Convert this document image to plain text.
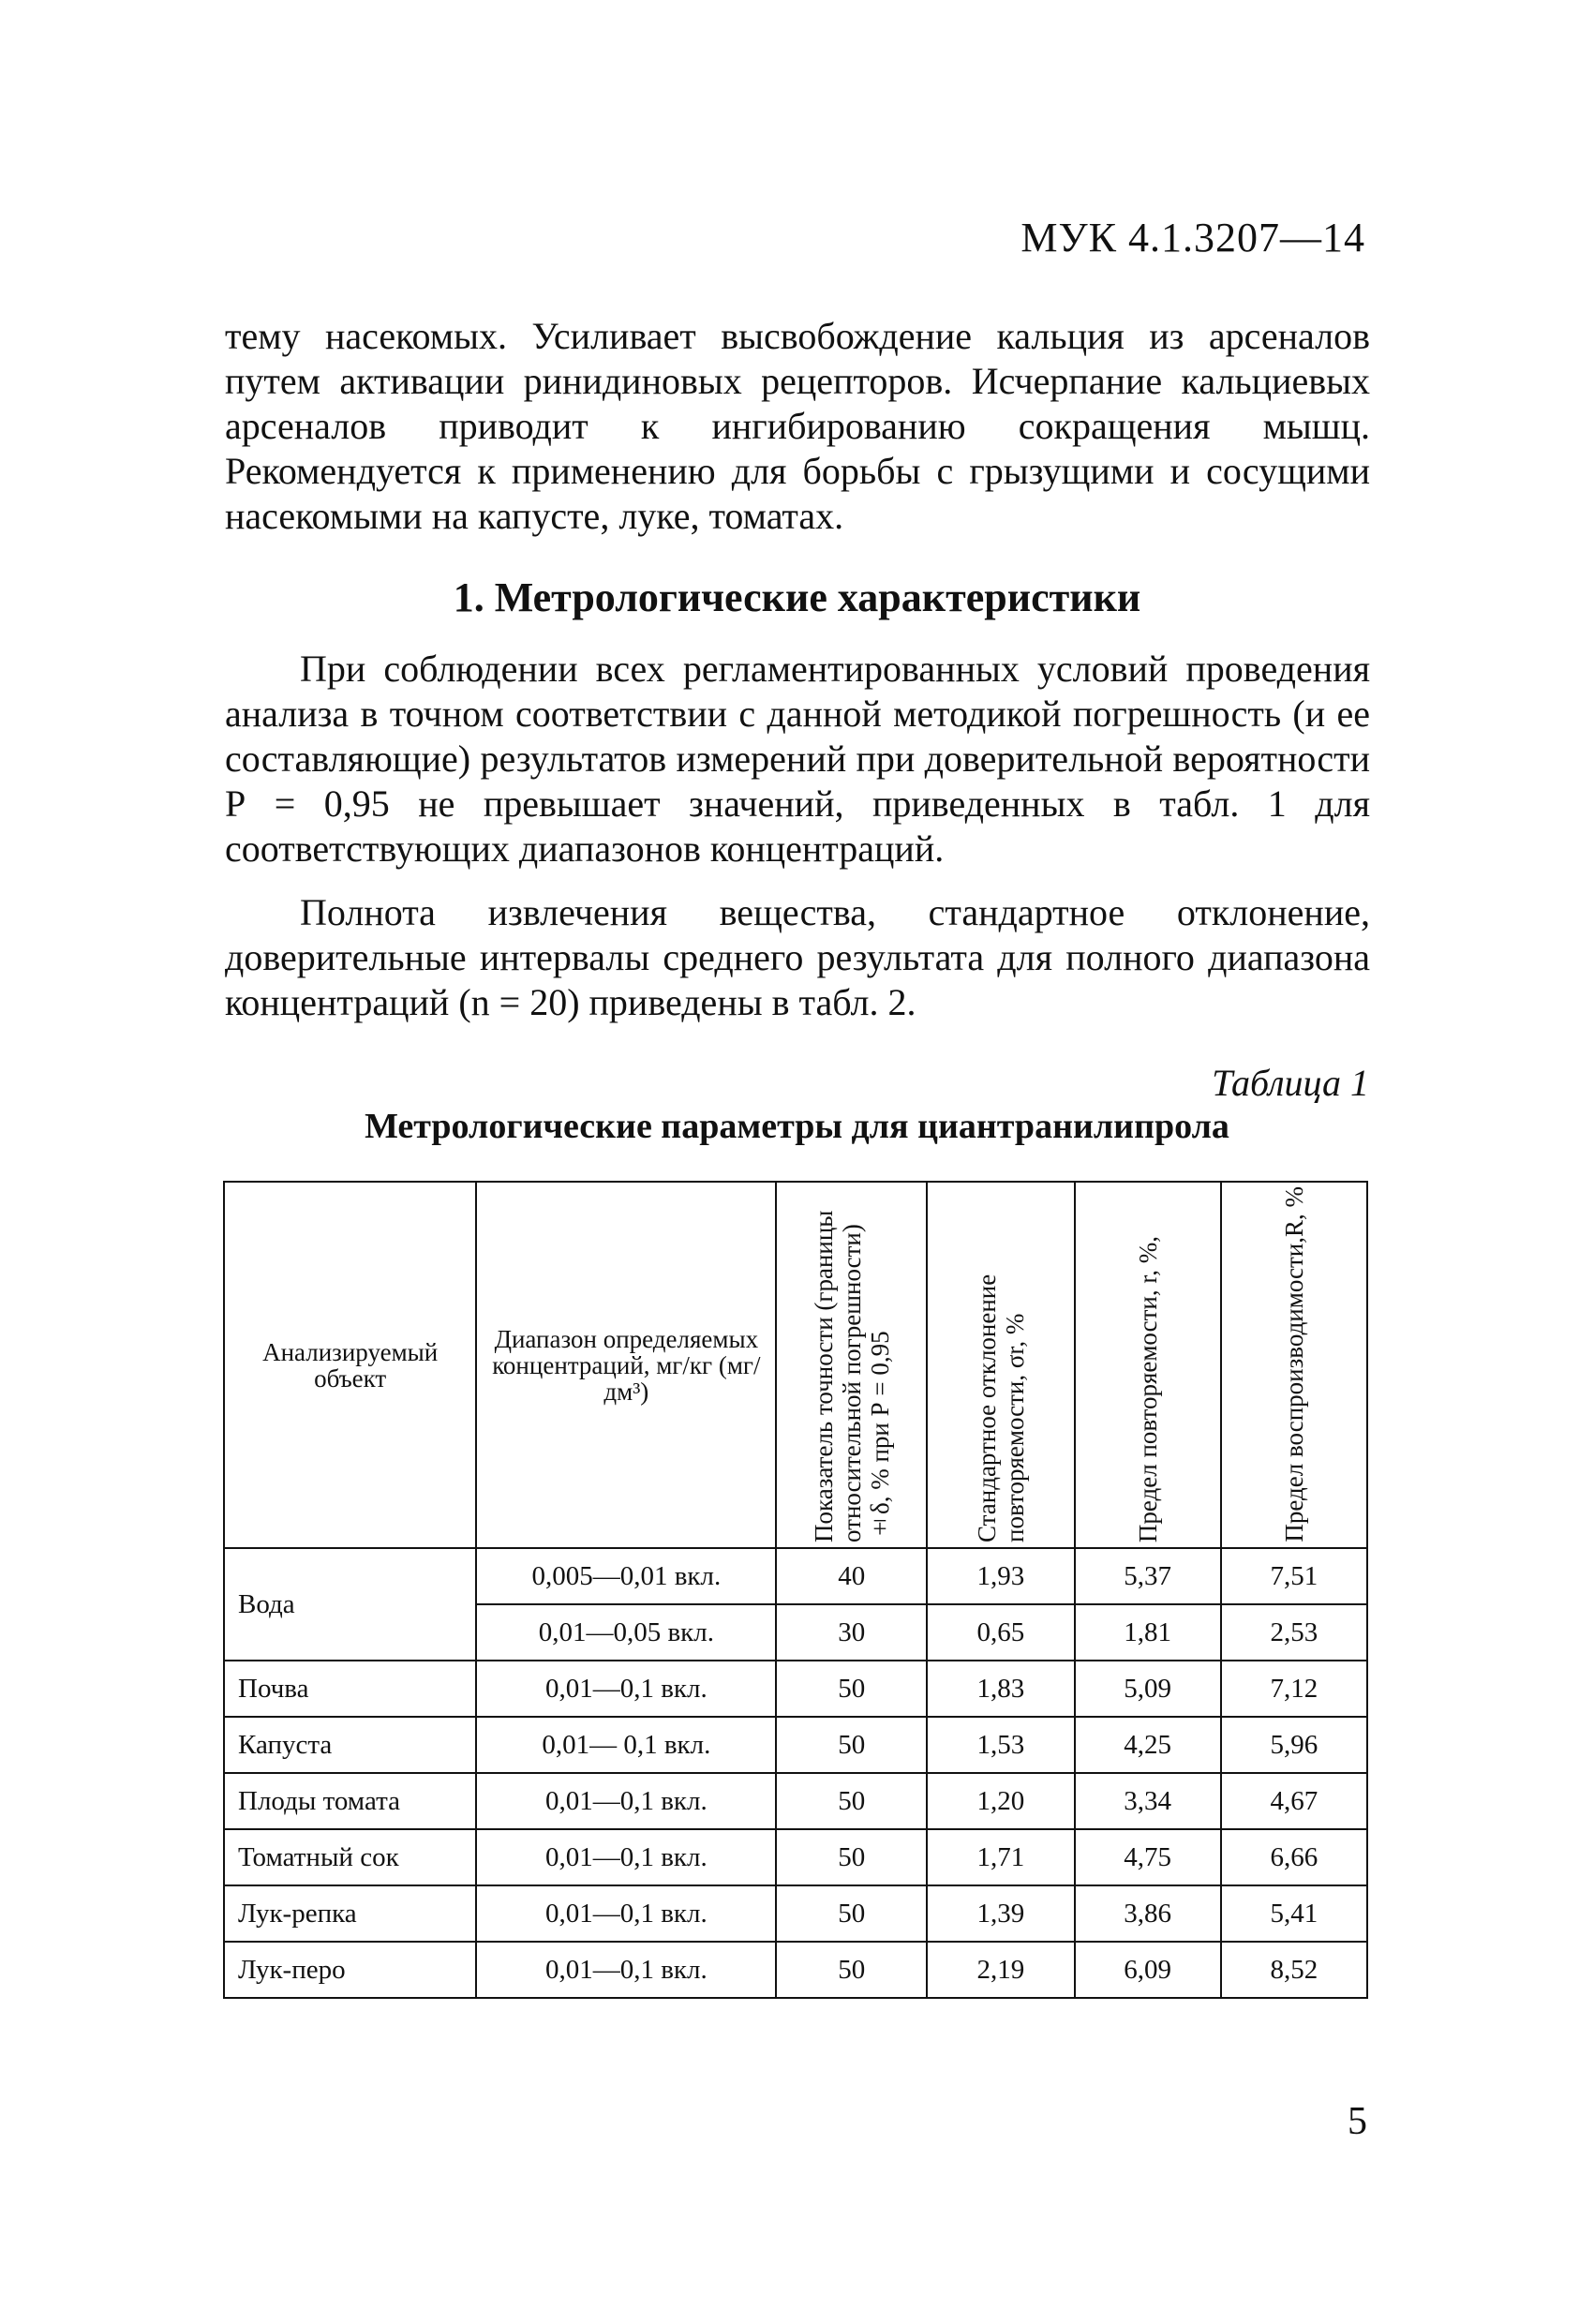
МУК 4.1.3207—14

тему насекомых. Усиливает высвобождение кальция из арсеналов путем активации ринидиновых рецепторов. Исчерпание кальциевых арсеналов приводит к ингибированию сокращения мышц. Рекомендуется к применению для борьбы с грызущими и сосущими насекомыми на капусте, луке, томатах.

1. Метрологические характеристики

При соблюдении всех регламентированных условий проведения анализа в точном соответствии с данной методикой погрешность (и ее составляющие) результатов измерений при доверительной вероятности Р = 0,95 не превышает значений, приведенных в табл. 1 для соответствующих диапазонов концентраций.

Полнота извлечения вещества, стандартное отклонение, доверительные интервалы среднего результата для полного диапазона концентраций (n = 20) приведены в табл. 2.

Таблица 1
Метрологические параметры для циантранилипрола
Анализируемый объект	Диапазон определяемых концентраций, мг/кг (мг/дм³)	Показатель точности (границы относительной погрешности) ±δ, % при Р = 0,95	Стандартное отклонение повторяемости, σr, %	Предел повторяемости, r, %,	Предел воспроизводимости,R, %
Вода	0,005—0,01 вкл.	40	1,93	5,37	7,51
	0,01—0,05 вкл.	30	0,65	1,81	2,53
Почва	0,01—0,1 вкл.	50	1,83	5,09	7,12
Капуста	0,01— 0,1 вкл.	50	1,53	4,25	5,96
Плоды томата	0,01—0,1 вкл.	50	1,20	3,34	4,67
Томатный сок	0,01—0,1 вкл.	50	1,71	4,75	6,66
Лук-репка	0,01—0,1 вкл.	50	1,39	3,86	5,41
Лук-перо	0,01—0,1 вкл.	50	2,19	6,09	8,52
5
